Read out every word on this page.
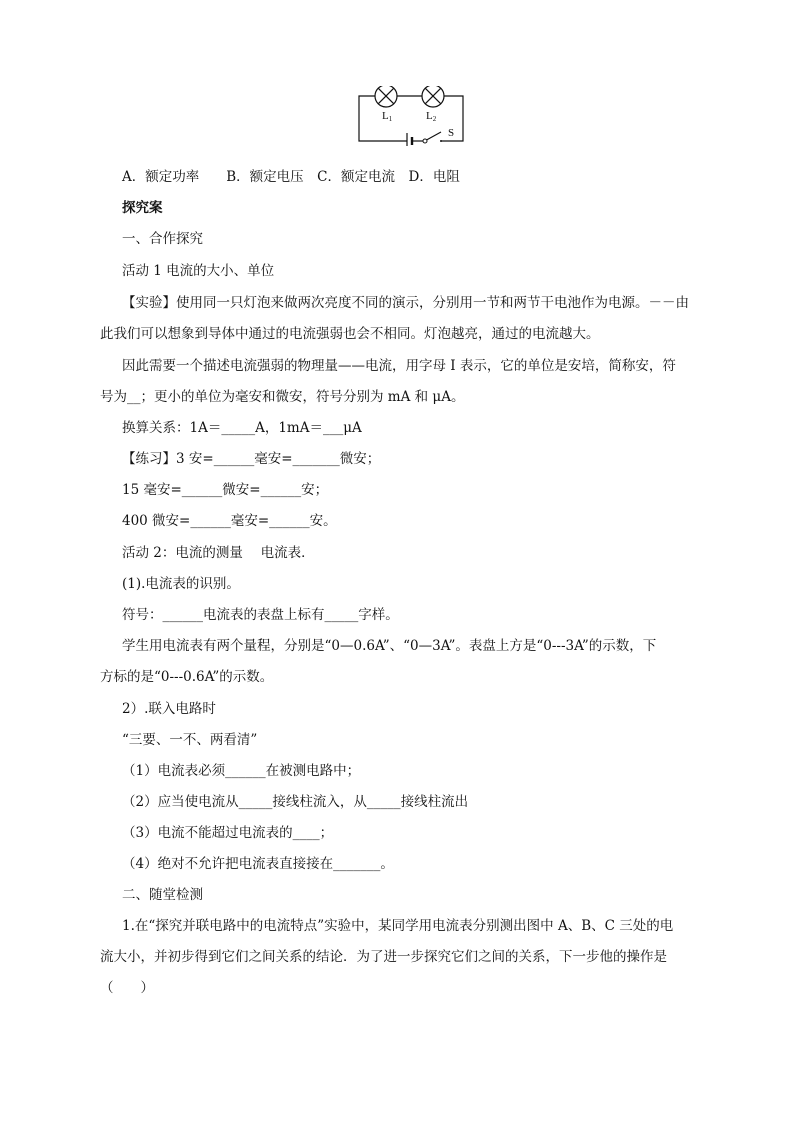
L1	L2
S
A．额定功率　　B．额定电压　C．额定电流　D．电阻
探究案
一、合作探究
活动 1 电流的大小、单位
【实验】使用同一只灯泡来做两次亮度不同的演示，分别用一节和两节干电池作为电源。－－由
此我们可以想象到导体中通过的电流强弱也会不相同。灯泡越亮，通过的电流越大。
因此需要一个描述电流强弱的物理量——电流，用字母 I 表示，它的单位是安培，简称安，符
号为__；更小的单位为毫安和微安，符号分别为 mA 和 μA。
换算关系：1A＝_____A，1mA＝___μA
【练习】3 安=______毫安=_______微安；
15 毫安=______微安=______安；
400 微安=______毫安=______安。
活动 2：电流的测量　 电流表．
(1).电流表的识别。
符号：______电流表的表盘上标有_____字样。
学生用电流表有两个量程，分别是“0—0.6A”、“0—3A”。表盘上方是“0---3A”的示数，下
方标的是“0---0.6A”的示数。
2）.联入电路时
“三要、一不、两看清”
（1）电流表必须______在被测电路中；
（2）应当使电流从_____接线柱流入，从_____接线柱流出
（3）电流不能超过电流表的____；
（4）绝对不允许把电流表直接接在_______。
二、随堂检测
1.在“探究并联电路中的电流特点”实验中，某同学用电流表分别测出图中 A、B、C 三处的电
流大小，并初步得到它们之间关系的结论．为了进一步探究它们之间的关系，下一步他的操作是
（　　）
